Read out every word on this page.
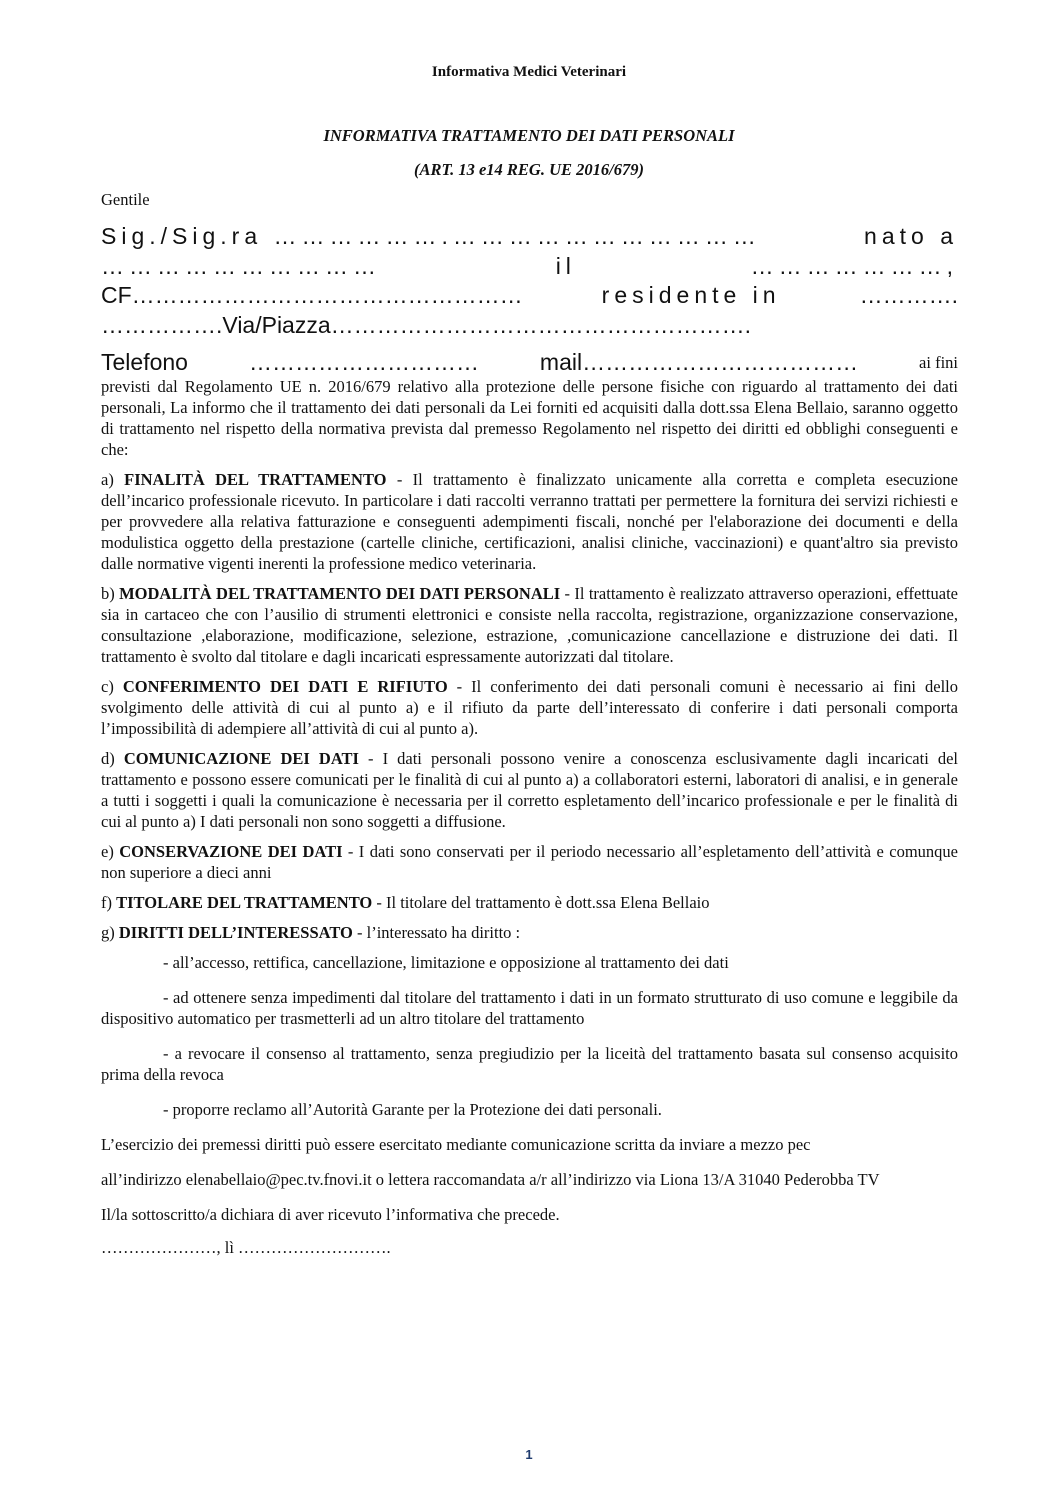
Informativa Medici Veterinari
INFORMATIVA TRATTAMENTO DEI DATI PERSONALI
(ART. 13 e14 REG. UE 2016/679)
Gentile
Sig./Sig.ra ……………….……………………………	nato a
…………………………	il	…………………,
CF……………………………………………	residente in	………….
…………….Via/Piazza……………………………………………….
Telefono	…………………………	mail………………………………	ai fini

previsti dal Regolamento UE n. 2016/679 relativo alla protezione delle persone fisiche con riguardo al trattamento dei dati personali, La informo che il trattamento dei dati personali da Lei forniti ed acquisiti dalla dott.ssa Elena Bellaio, saranno oggetto di trattamento nel rispetto della normativa prevista dal premesso Regolamento nel rispetto dei diritti ed obblighi conseguenti e che:

a) FINALITÀ DEL TRATTAMENTO - Il trattamento è finalizzato unicamente alla corretta e completa esecuzione dell’incarico professionale ricevuto. In particolare i dati raccolti verranno trattati per permettere la fornitura dei servizi richiesti e per provvedere alla relativa fatturazione e conseguenti adempimenti fiscali, nonché per l'elaborazione dei documenti e della modulistica oggetto della prestazione (cartelle cliniche, certificazioni, analisi cliniche, vaccinazioni) e quant'altro sia previsto dalle normative vigenti inerenti la professione medico veterinaria.

b) MODALITÀ DEL TRATTAMENTO DEI DATI PERSONALI - Il trattamento è realizzato attraverso operazioni, effettuate sia in cartaceo che con l’ausilio di strumenti elettronici e consiste nella raccolta, registrazione, organizzazione conservazione, consultazione ,elaborazione, modificazione, selezione, estrazione, ,comunicazione cancellazione e distruzione dei dati. Il trattamento è svolto dal titolare e dagli incaricati espressamente autorizzati dal titolare.

c) CONFERIMENTO DEI DATI E RIFIUTO - Il conferimento dei dati personali comuni è necessario ai fini dello svolgimento delle attività di cui al punto a) e il rifiuto da parte dell’interessato di conferire i dati personali comporta l’impossibilità di adempiere all’attività di cui al punto a).

d) COMUNICAZIONE DEI DATI - I dati personali possono venire a conoscenza esclusivamente dagli incaricati del trattamento e possono essere comunicati per le finalità di cui al punto a) a collaboratori esterni, laboratori di analisi, e in generale a tutti i soggetti i quali la comunicazione è necessaria per il corretto espletamento dell’incarico professionale e per le finalità di cui al punto a) I dati personali non sono soggetti a diffusione.

e) CONSERVAZIONE DEI DATI - I dati sono conservati per il periodo necessario all’espletamento dell’attività e comunque non superiore a dieci anni

f) TITOLARE DEL TRATTAMENTO - Il titolare del trattamento è dott.ssa Elena Bellaio

g) DIRITTI DELL’INTERESSATO - l’interessato ha diritto :

- all’accesso, rettifica, cancellazione, limitazione e opposizione al trattamento dei dati

- ad ottenere senza impedimenti dal titolare del trattamento i dati in un formato strutturato di uso comune e leggibile da dispositivo automatico per trasmetterli ad un altro titolare del trattamento

- a revocare il consenso al trattamento, senza pregiudizio per la liceità del trattamento basata sul consenso acquisito prima della revoca

- proporre reclamo all’Autorità Garante per la Protezione dei dati personali.

L’esercizio dei premessi diritti può essere esercitato mediante comunicazione scritta da inviare a mezzo pec

all’indirizzo elenabellaio@pec.tv.fnovi.it o lettera raccomandata a/r all’indirizzo via Liona 13/A 31040 Pederobba TV

Il/la sottoscritto/a dichiara di aver ricevuto l’informativa che precede.

…………………, lì ……………………….

1
